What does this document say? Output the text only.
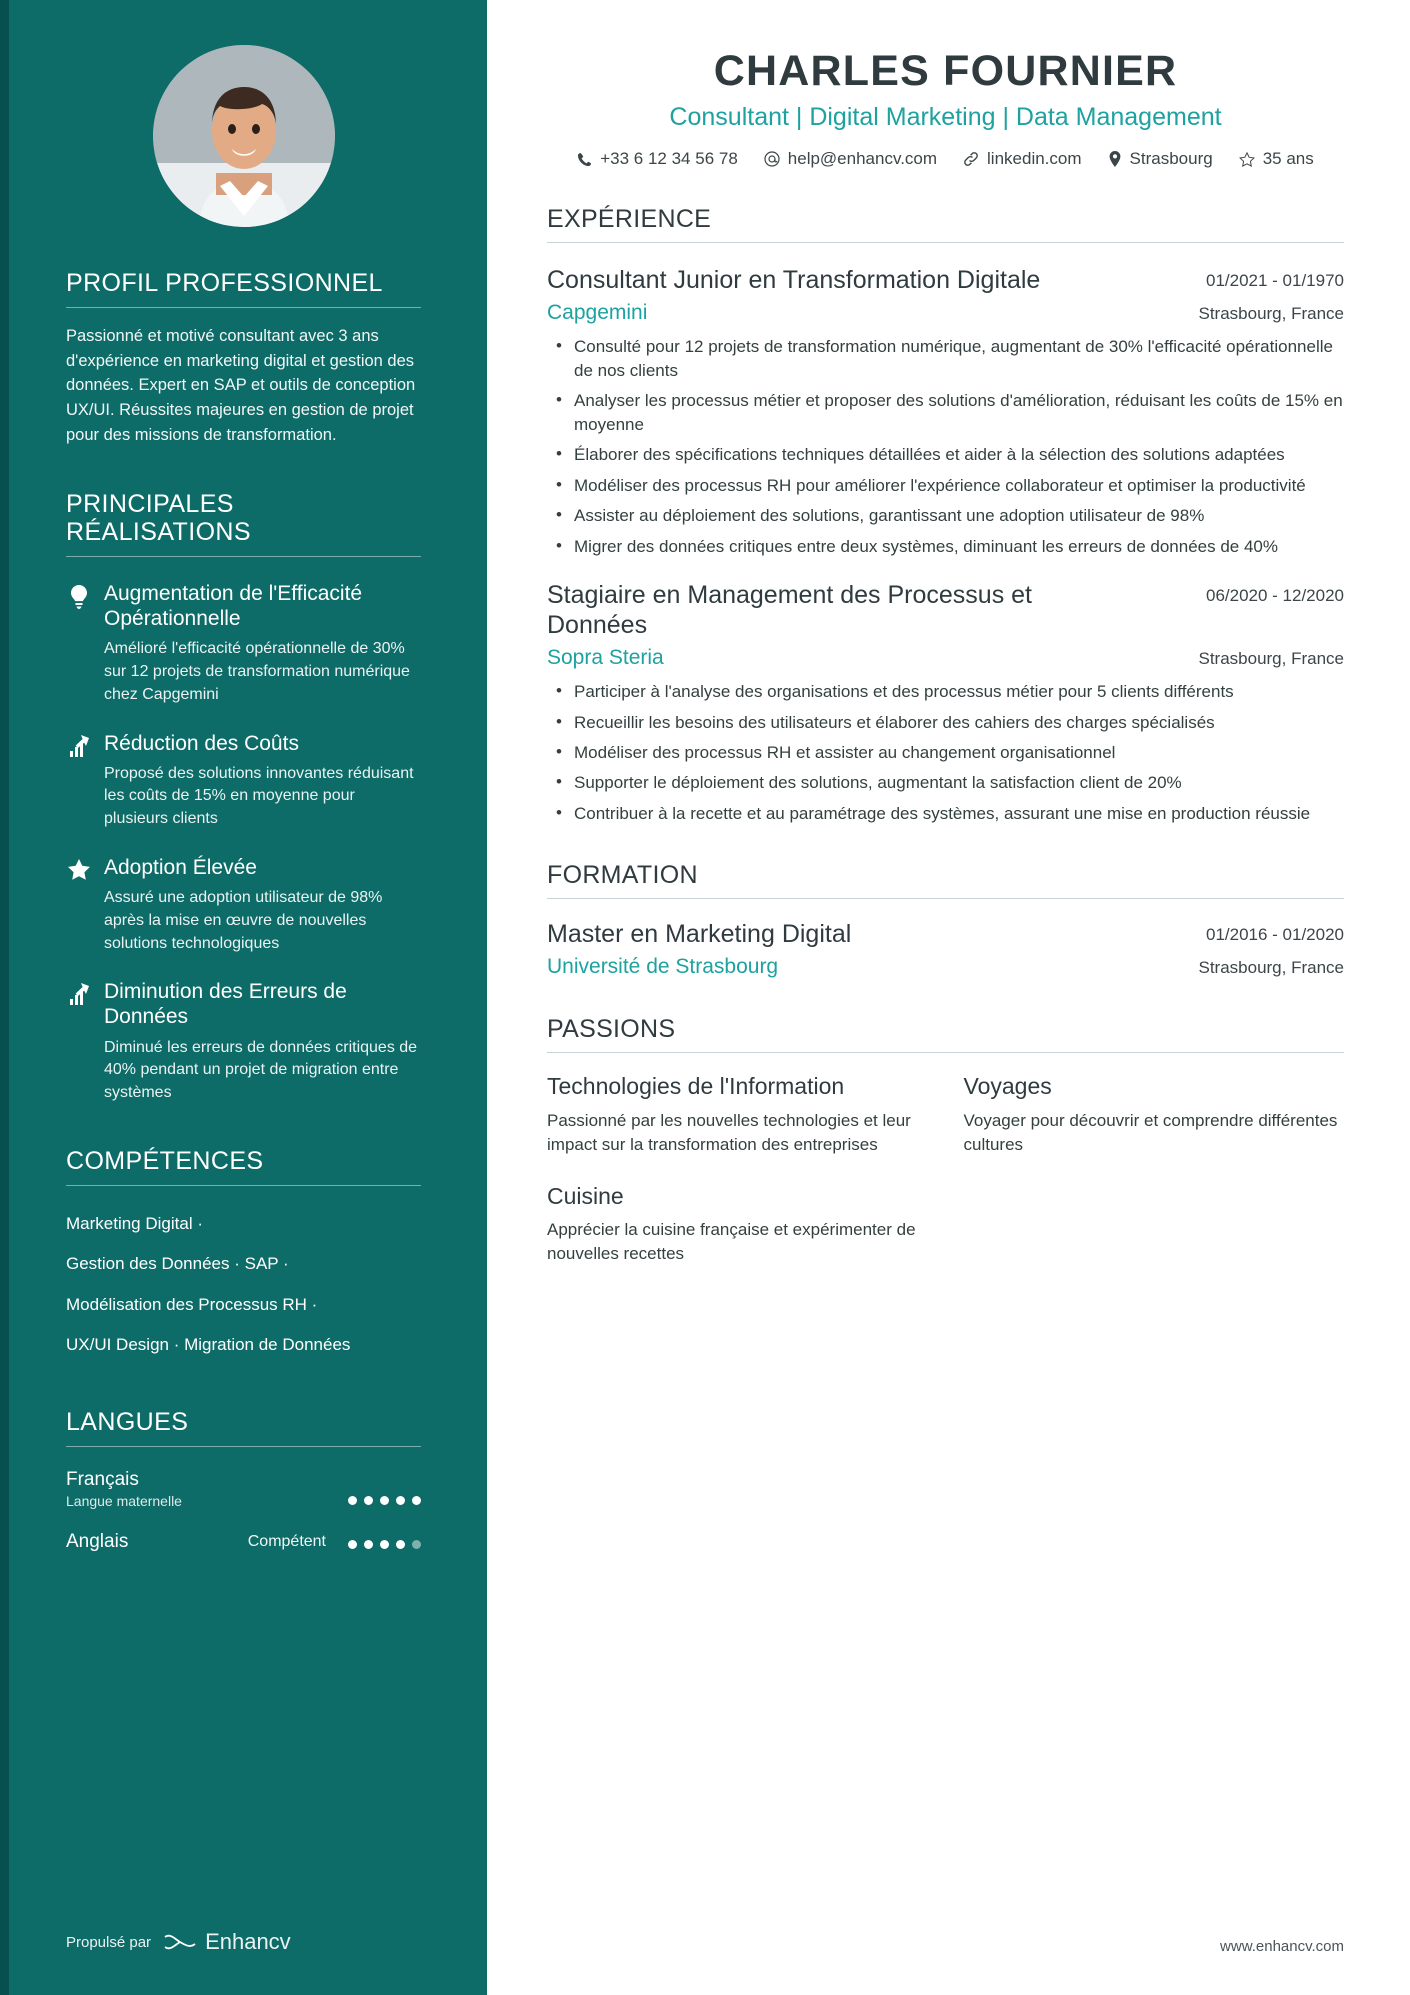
PROFIL PROFESSIONNEL
Passionné et motivé consultant avec 3 ans d'expérience en marketing digital et gestion des données. Expert en SAP et outils de conception UX/UI. Réussites majeures en gestion de projet pour des missions de transformation.
PRINCIPALES RÉALISATIONS
Augmentation de l'Efficacité Opérationnelle
Amélioré l'efficacité opérationnelle de 30% sur 12 projets de transformation numérique chez Capgemini
Réduction des Coûts
Proposé des solutions innovantes réduisant les coûts de 15% en moyenne pour plusieurs clients
Adoption Élevée
Assuré une adoption utilisateur de 98% après la mise en œuvre de nouvelles solutions technologiques
Diminution des Erreurs de Données
Diminué les erreurs de données critiques de 40% pendant un projet de migration entre systèmes
COMPÉTENCES
Marketing Digital ·
Gestion des Données · SAP ·
Modélisation des Processus RH ·
UX/UI Design · Migration de Données
LANGUES
Français
Langue maternelle
Anglais	Compétent
Propulsé par Enhancv
CHARLES FOURNIER
Consultant | Digital Marketing | Data Management
+33 6 12 34 56 78	help@enhancv.com	linkedin.com	Strasbourg	35 ans
EXPÉRIENCE
Consultant Junior en Transformation Digitale	01/2021 - 01/1970
Capgemini	Strasbourg, France
• Consulté pour 12 projets de transformation numérique, augmentant de 30% l'efficacité opérationnelle de nos clients
• Analyser les processus métier et proposer des solutions d'amélioration, réduisant les coûts de 15% en moyenne
• Élaborer des spécifications techniques détaillées et aider à la sélection des solutions adaptées
• Modéliser des processus RH pour améliorer l'expérience collaborateur et optimiser la productivité
• Assister au déploiement des solutions, garantissant une adoption utilisateur de 98%
• Migrer des données critiques entre deux systèmes, diminuant les erreurs de données de 40%
Stagiaire en Management des Processus et Données
06/2020 - 12/2020
Sopra Steria	Strasbourg, France
• Participer à l'analyse des organisations et des processus métier pour 5 clients différents
• Recueillir les besoins des utilisateurs et élaborer des cahiers des charges spécialisés
• Modéliser des processus RH et assister au changement organisationnel
• Supporter le déploiement des solutions, augmentant la satisfaction client de 20%
• Contribuer à la recette et au paramétrage des systèmes, assurant une mise en production réussie
FORMATION
Master en Marketing Digital	01/2016 - 01/2020
Université de Strasbourg	Strasbourg, France
PASSIONS
Technologies de l'Information
Passionné par les nouvelles technologies et leur impact sur la transformation des entreprises
Voyages
Voyager pour découvrir et comprendre différentes cultures
Cuisine
Apprécier la cuisine française et expérimenter de nouvelles recettes
www.enhancv.com
